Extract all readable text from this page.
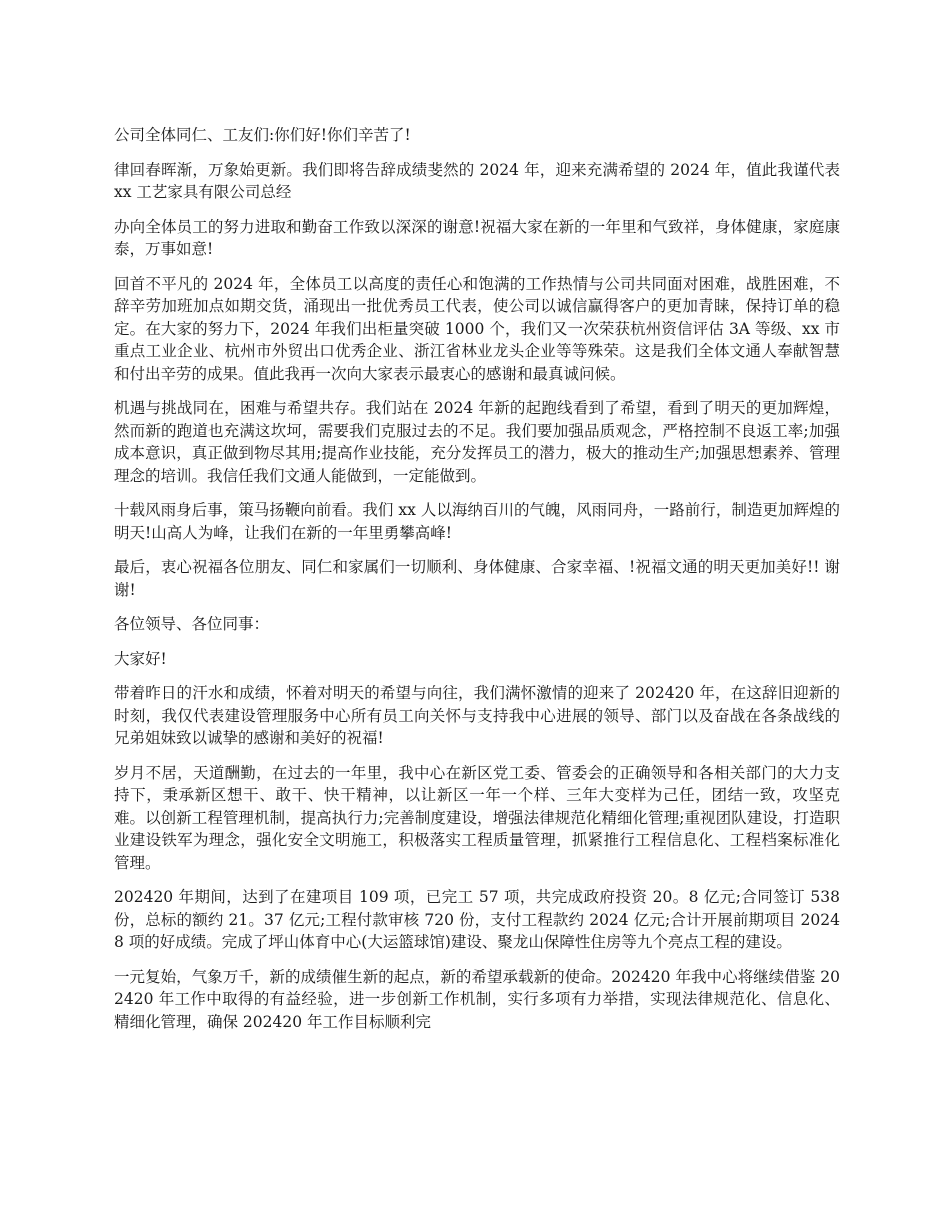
公司全体同仁、工友们:你们好!你们辛苦了!

律回春晖渐，万象始更新。我们即将告辞成绩斐然的 2024 年，迎来充满希望的 2024 年，值此我谨代表 xx 工艺家具有限公司总经

办向全体员工的努力进取和勤奋工作致以深深的谢意!祝福大家在新的一年里和气致祥，身体健康，家庭康泰，万事如意!

回首不平凡的 2024 年，全体员工以高度的责任心和饱满的工作热情与公司共同面对困难，战胜困难，不辞辛劳加班加点如期交货，涌现出一批优秀员工代表，使公司以诚信赢得客户的更加青睐，保持订单的稳定。在大家的努力下，2024 年我们出柜量突破 1000 个，我们又一次荣获杭州资信评估 3A 等级、xx 市重点工业企业、杭州市外贸出口优秀企业、浙江省林业龙头企业等等殊荣。这是我们全体文通人奉献智慧和付出辛劳的成果。值此我再一次向大家表示最衷心的感谢和最真诚问候。

机遇与挑战同在，困难与希望共存。我们站在 2024 年新的起跑线看到了希望，看到了明天的更加辉煌，然而新的跑道也充满这坎坷，需要我们克服过去的不足。我们要加强品质观念，严格控制不良返工率;加强成本意识，真正做到物尽其用;提高作业技能，充分发挥员工的潜力，极大的推动生产;加强思想素养、管理理念的培训。我信任我们文通人能做到，一定能做到。

十载风雨身后事，策马扬鞭向前看。我们 xx 人以海纳百川的气魄，风雨同舟，一路前行，制造更加辉煌的明天!山高人为峰，让我们在新的一年里勇攀高峰!

最后，衷心祝福各位朋友、同仁和家属们一切顺利、身体健康、合家幸福、!祝福文通的明天更加美好!! 谢谢!

各位领导、各位同事：

大家好!

带着昨日的汗水和成绩，怀着对明天的希望与向往，我们满怀激情的迎来了 202420 年，在这辞旧迎新的时刻，我仅代表建设管理服务中心所有员工向关怀与支持我中心进展的领导、部门以及奋战在各条战线的兄弟姐妹致以诚挚的感谢和美好的祝福!

岁月不居，天道酬勤，在过去的一年里，我中心在新区党工委、管委会的正确领导和各相关部门的大力支持下，秉承新区想干、敢干、快干精神，以让新区一年一个样、三年大变样为己任，团结一致，攻坚克难。以创新工程管理机制，提高执行力;完善制度建设，增强法律规范化精细化管理;重视团队建设，打造职业建设铁军为理念，强化安全文明施工，积极落实工程质量管理，抓紧推行工程信息化、工程档案标准化管理。

202420 年期间，达到了在建项目 109 项，已完工 57 项，共完成政府投资 20。8 亿元;合同签订 538 份，总标的额约 21。37 亿元;工程付款审核 720 份，支付工程款约 2024 亿元;合计开展前期项目 20248 项的好成绩。完成了坪山体育中心(大运篮球馆)建设、聚龙山保障性住房等九个亮点工程的建设。

一元复始，气象万千，新的成绩催生新的起点，新的希望承载新的使命。202420 年我中心将继续借鉴 202420 年工作中取得的有益经验，进一步创新工作机制，实行多项有力举措，实现法律规范化、信息化、精细化管理，确保 202420 年工作目标顺利完
